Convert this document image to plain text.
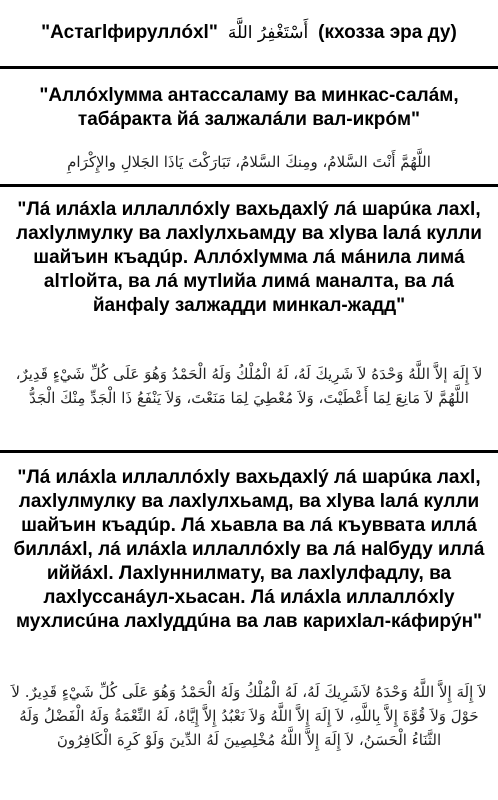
"Астагlфируллóхl" أَسْتَغْفِرُ اللَّهَ (кхозза эра ду)

"Аллóхlумма антассаламу ва минкас-салáм, табáракта йá залжалáли вал-икрóм"

اللَّهُمَّ أَنْتَ السَّلامُ، ومِنكَ السَّلامُ، تَبَارَكْتَ يَاذَا الجَلالِ والإِكْرَامِ

"Лá илáхlа иллаллóхlу вахьдахlý лá шарúка лахl, лахlулмулку ва лахlулхьамду ва хlува lалá кулли шайъин къадúр. Аллóхlумма лá мáнила лимá аlтlойта, ва лá мутlийа лимá маналта, ва лá йанфаlу залжадди минкал-жадд"

لاَ إِلَهَ إلاَّ اللَّهُ وَحْدَهُ لاَ شَرِيكَ لَهُ، لَهُ الْمُلْكُ وَلَهُ الْحَمْدُ وَهُوَ عَلَى كُلِّ شَيْءٍ قَدِيرٌ، اللَّهُمَّ لاَ مَانِعَ لِمَا أَعْطَيْتَ، وَلاَ مُعْطِيَ لِمَا مَنَعْتَ، وَلاَ يَنْفَعُ ذَا الْجَدِّ مِنْكَ الْجَدُّ

"Лá илáхlа иллаллóхlу вахьдахlý лá шарúка лахl, лахlулмулку ва лахlулхьамд, ва хlува lалá кулли шайъин къадúр. Лá хьавла ва лá къуввата иллá биллáхl, лá илáхlа иллаллóхlу ва лá наlбуду иллá иййáхl. Лахlуннилмату, ва лахlулфадлу, ва лахlуссанáул-хьасан. Лá илáхlа иллаллóхlу мухлисúна лахlуддúна ва лав карихlал-кáфирýн"

لاَ إِلَهَ إِلاَّ اللَّهُ وَحْدَهُ لاَشَرِيكَ لَهُ، لَهُ الْمُلْكُ وَلَهُ الْحَمْدُ وَهُوَ عَلَى كُلِّ شَيْءٍ قَدِيرٌ. لاَ حَوْلَ وَلاَ قُوَّةَ إِلاَّ بِاللَّهِ، لاَ إِلَهَ إِلاَّ اللَّهُ وَلاَ نَعْبُدُ إِلاَّ إِيَّاهُ، لَهُ النِّعْمَةُ وَلَهُ الْفَضْلُ وَلَهُ الثَّنَاءُ الْحَسَنُ، لاَ إِلَهَ إِلاَّ اللَّهُ مُخْلِصِينَ لَهُ الدِّينَ وَلَوْ كَرِهَ الْكَافِرُونَ
